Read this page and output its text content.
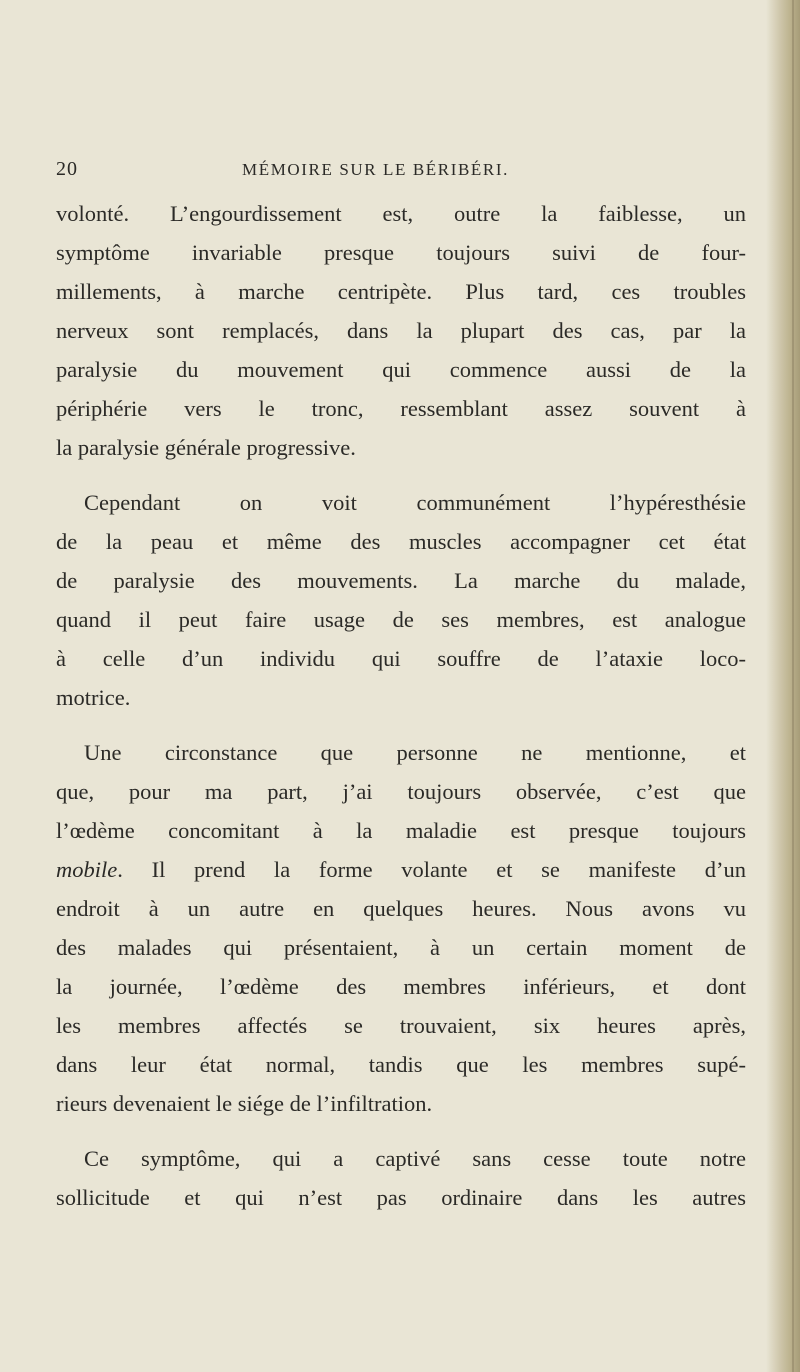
20	MÉMOIRE SUR LE BÉRIBÉRI.
volonté. L’engourdissement est, outre la faiblesse, un
symptôme invariable presque toujours suivi de four-
millements, à marche centripète. Plus tard, ces troubles
nerveux sont remplacés, dans la plupart des cas, par la
paralysie du mouvement qui commence aussi de la
périphérie vers le tronc, ressemblant assez souvent à
la paralysie générale progressive.
Cependant on voit communément l’hypéresthésie
de la peau et même des muscles accompagner cet état
de paralysie des mouvements. La marche du malade,
quand il peut faire usage de ses membres, est analogue
à celle d’un individu qui souffre de l’ataxie loco-
motrice.
Une circonstance que personne ne mentionne, et
que, pour ma part, j’ai toujours observée, c’est que
l’œdème concomitant à la maladie est presque toujours
mobile. Il prend la forme volante et se manifeste d’un
endroit à un autre en quelques heures. Nous avons vu
des malades qui présentaient, à un certain moment de
la journée, l’œdème des membres inférieurs, et dont
les membres affectés se trouvaient, six heures après,
dans leur état normal, tandis que les membres supé-
rieurs devenaient le siége de l’infiltration.
Ce symptôme, qui a captivé sans cesse toute notre
sollicitude et qui n’est pas ordinaire dans les autres
